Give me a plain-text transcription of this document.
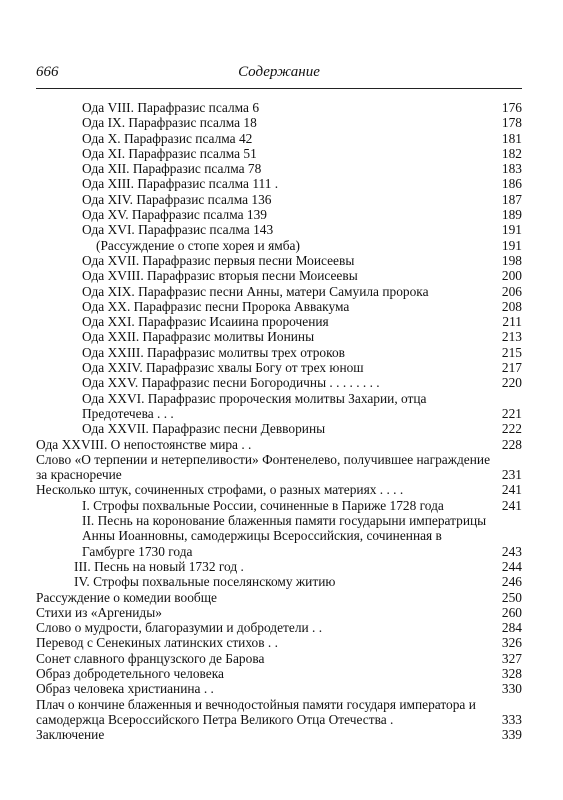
666	Содержание
Ода VIII. Парафразис псалма 6	176
Ода IX. Парафразис псалма 18	178
Ода X. Парафразис псалма 42	181
Ода XI. Парафразис псалма 51	182
Ода XII. Парафразис псалма 78	183
Ода XIII. Парафразис псалма 111 .	186
Ода XIV. Парафразис псалма 136	187
Ода XV. Парафразис псалма 139	189
Ода XVI. Парафразис псалма 143	191
(Рассуждение о стопе хорея и ямба)	191
Ода XVII. Парафразис первыя песни Моисеевы	198
Ода XVIII. Парафразис вторыя песни Моисеевы	200
Ода XIX. Парафразис песни Анны, матери Самуила пророка	206
Ода XX. Парафразис песни Пророка Аввакума	208
Ода XXI. Парафразис Исаиина пророчения	211
Ода XXII. Парафразис молитвы Ионины	213
Ода XXIII. Парафразис молитвы трех отроков	215
Ода XXIV. Парафразис хвалы Богу от трех юнош	217
Ода XXV. Парафразис песни Богородичны . . . . . . . .	220
Ода XXVI. Парафразис пророческия молитвы Захарии, отца Предотечева . . .	221
Ода XXVII. Парафразис песни Девворины	222
Ода XXVIII. О непостоянстве мира . .	228
Слово «О терпении и нетерпеливости» Фонтенелево, получившее награждение за красноречие	231
Несколько штук, сочиненных строфами, о разных материях . . . .	241
I. Строфы похвальные России, сочиненные в Париже 1728 года	241
II. Песнь на коронование блаженныя памяти государыни императрицы Анны Иоанновны, самодержицы Всероссийския, сочиненная в Гамбурге 1730 года	243
III. Песнь на новый 1732 год .	244
IV. Строфы похвальные поселянскому житию	246
Рассуждение о комедии вообще	250
Стихи из «Аргениды»	260
Слово о мудрости, благоразумии и добродетели . .	284
Перевод с Сенекиных латинских стихов . .	326
Сонет славного французского де Барова	327
Образ добродетельного человека	328
Образ человека христианина . .	330
Плач о кончине блаженныя и вечнодостойныя памяти государя императора и самодержца Всероссийского Петра Великого Отца Отечества .	333
Заключение	339
